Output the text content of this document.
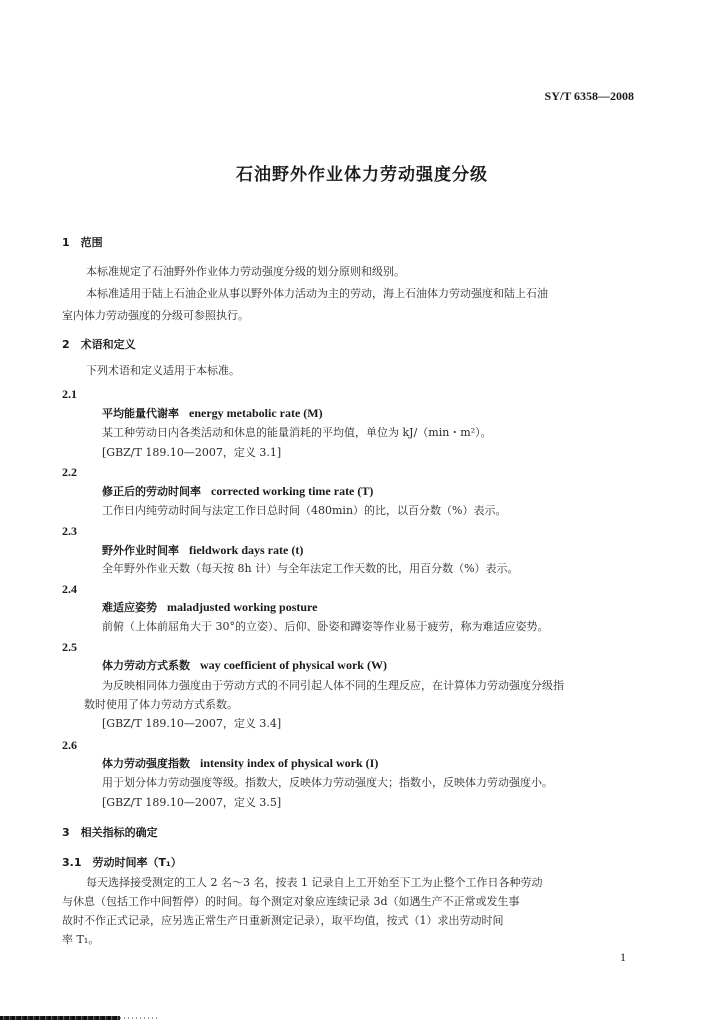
SY/T 6358—2008
石油野外作业体力劳动强度分级
1　范围
本标准规定了石油野外作业体力劳动强度分级的划分原则和级别。
本标准适用于陆上石油企业从事以野外体力活动为主的劳动，海上石油体力劳动强度和陆上石油
室内体力劳动强度的分级可参照执行。
2　术语和定义
下列术语和定义适用于本标准。
2.1
平均能量代谢率 energy metabolic rate (M)
某工种劳动日内各类活动和休息的能量消耗的平均值，单位为 kJ/（min・m²）。
[GBZ/T 189.10—2007，定义 3.1]
2.2
修正后的劳动时间率 corrected working time rate (T)
工作日内纯劳动时间与法定工作日总时间（480min）的比，以百分数（%）表示。
2.3
野外作业时间率 fieldwork days rate (t)
全年野外作业天数（每天按 8h 计）与全年法定工作天数的比，用百分数（%）表示。
2.4
难适应姿势 maladjusted working posture
前俯（上体前屈角大于 30°的立姿）、后仰、卧姿和蹲姿等作业易于疲劳，称为难适应姿势。
2.5
体力劳动方式系数 way coefficient of physical work (W)
为反映相同体力强度由于劳动方式的不同引起人体不同的生理反应，在计算体力劳动强度分级指
数时使用了体力劳动方式系数。
[GBZ/T 189.10—2007，定义 3.4]
2.6
体力劳动强度指数 intensity index of physical work (I)
用于划分体力劳动强度等级。指数大，反映体力劳动强度大；指数小，反映体力劳动强度小。
[GBZ/T 189.10—2007，定义 3.5]
3　相关指标的确定
3.1　劳动时间率（T₁）
每天选择接受测定的工人 2 名～3 名，按表 1 记录自上工开始至下工为止整个工作日各种劳动
与休息（包括工作中间暂停）的时间。每个测定对象应连续记录 3d（如遇生产不正常或发生事
故时不作正式记录，应另选正常生产日重新测定记录），取平均值，按式（1）求出劳动时间
率 T₁。
1
